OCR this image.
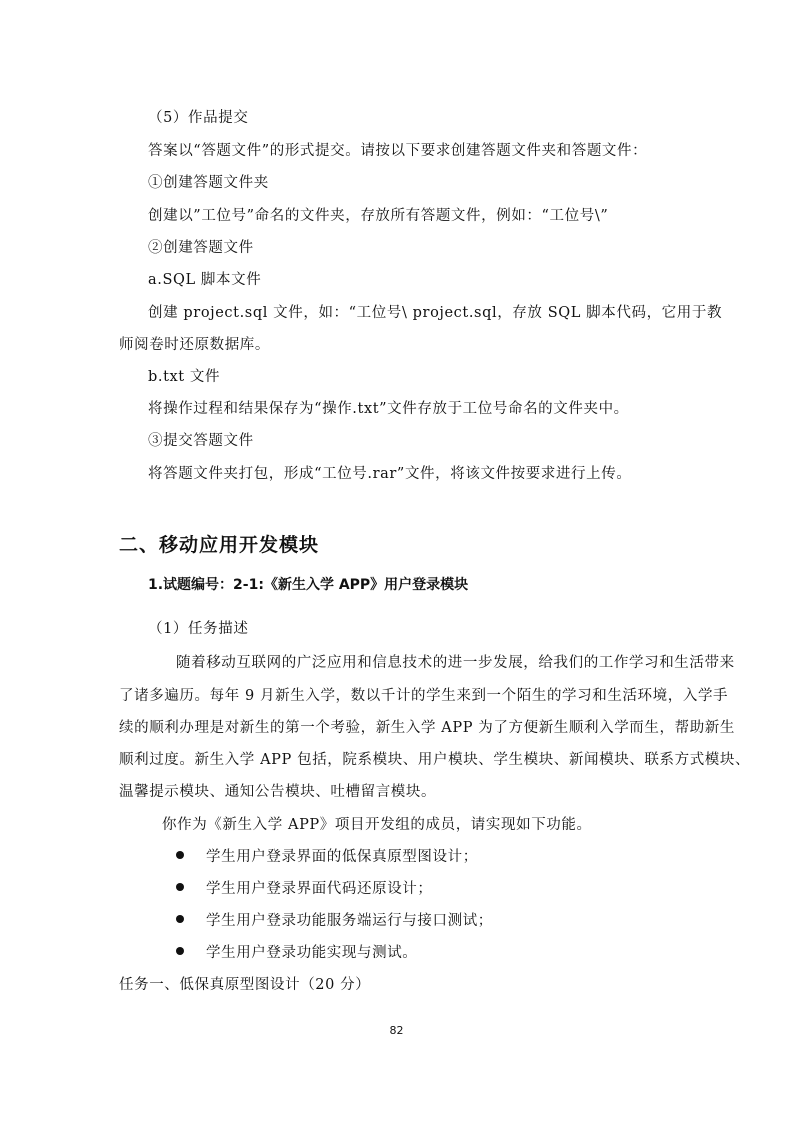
（5）作品提交
答案以“答题文件”的形式提交。请按以下要求创建答题文件夹和答题文件：
①创建答题文件夹
创建以”工位号”命名的文件夹，存放所有答题文件，例如：“工位号\”
②创建答题文件
a.SQL 脚本文件
创建 project.sql 文件，如：“工位号\ project.sql，存放 SQL 脚本代码，它用于教
师阅卷时还原数据库。
b.txt 文件
将操作过程和结果保存为“操作.txt”文件存放于工位号命名的文件夹中。
③提交答题文件
将答题文件夹打包，形成“工位号.rar”文件，将该文件按要求进行上传。
二、移动应用开发模块
1.试题编号：2-1:《新生入学 APP》用户登录模块
（1）任务描述
随着移动互联网的广泛应用和信息技术的进一步发展，给我们的工作学习和生活带来
了诸多遍历。每年 9 月新生入学，数以千计的学生来到一个陌生的学习和生活环境，入学手
续的顺利办理是对新生的第一个考验，新生入学 APP 为了方便新生顺利入学而生，帮助新生
顺利过度。新生入学 APP 包括，院系模块、用户模块、学生模块、新闻模块、联系方式模块、
温馨提示模块、通知公告模块、吐槽留言模块。
你作为《新生入学 APP》项目开发组的成员，请实现如下功能。
学生用户登录界面的低保真原型图设计；
学生用户登录界面代码还原设计；
学生用户登录功能服务端运行与接口测试；
学生用户登录功能实现与测试。
任务一、低保真原型图设计（20 分）
82
